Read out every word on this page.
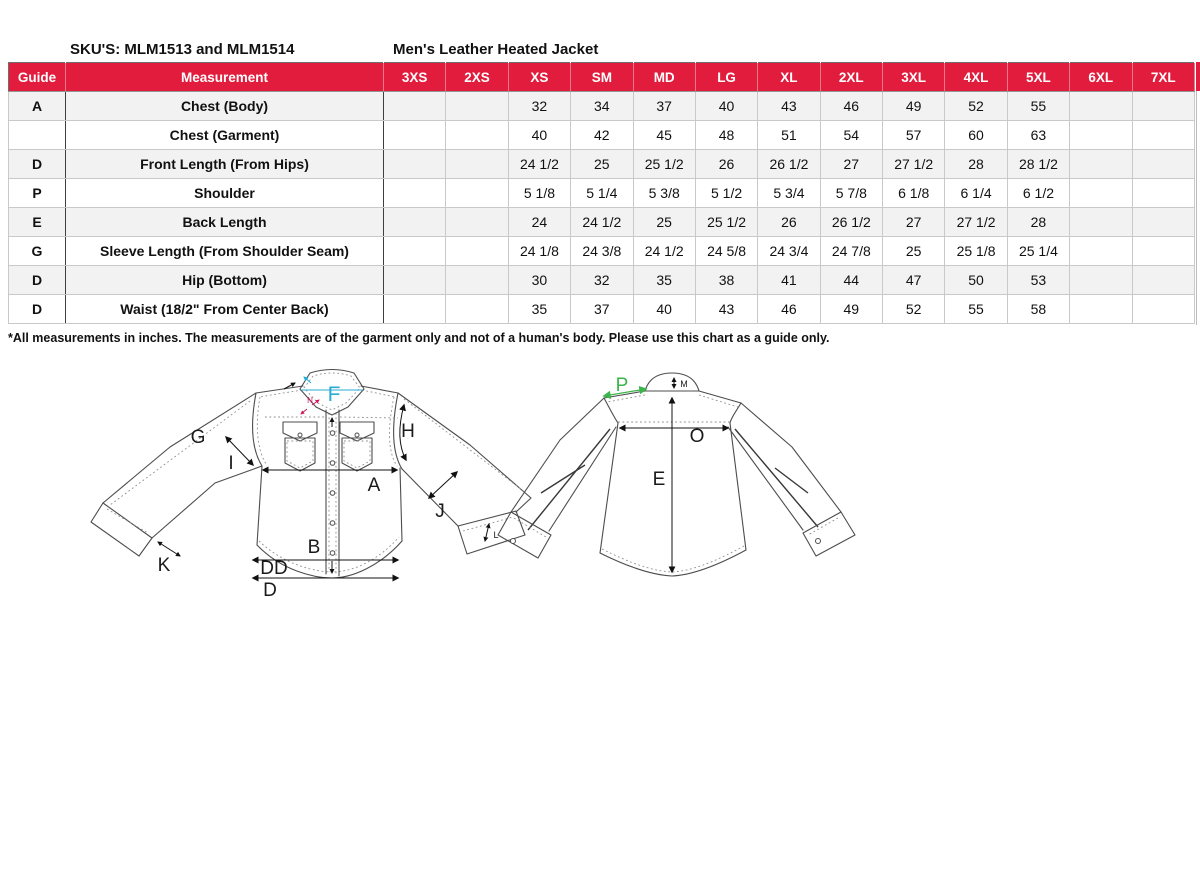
SKU'S: MLM1513 and MLM1514	Men's Leather Heated Jacket
Guide	Measurement	3XS	2XS	XS	SM	MD	LG	XL	2XL	3XL	4XL	5XL	6XL	7XL
A	Chest (Body)			32	34	37	40	43	46	49	52	55		
	Chest (Garment)			40	42	45	48	51	54	57	60	63		
D	Front Length (From Hips)			24 1/2	25	25 1/2	26	26 1/2	27	27 1/2	28	28 1/2		
P	Shoulder			5 1/8	5 1/4	5 3/8	5 1/2	5 3/4	5 7/8	6 1/8	6 1/4	6 1/2		
E	Back Length			24	24 1/2	25	25 1/2	26	26 1/2	27	27 1/2	28		
G	Sleeve Length (From Shoulder Seam)			24 1/8	24 3/8	24 1/2	24 5/8	24 3/4	24 7/8	25	25 1/8	25 1/4		
D	Hip (Bottom)			30	32	35	38	41	44	47	50	53		
D	Waist (18/2" From Center Back)			35	37	40	43	46	49	52	55	58		
*All measurements in inches. The measurements are of the garment only and not of a human's body. Please use this chart as a guide only.
F
N
G
I
H
A
J
B
K	DD
D
L
P	M
O
E
